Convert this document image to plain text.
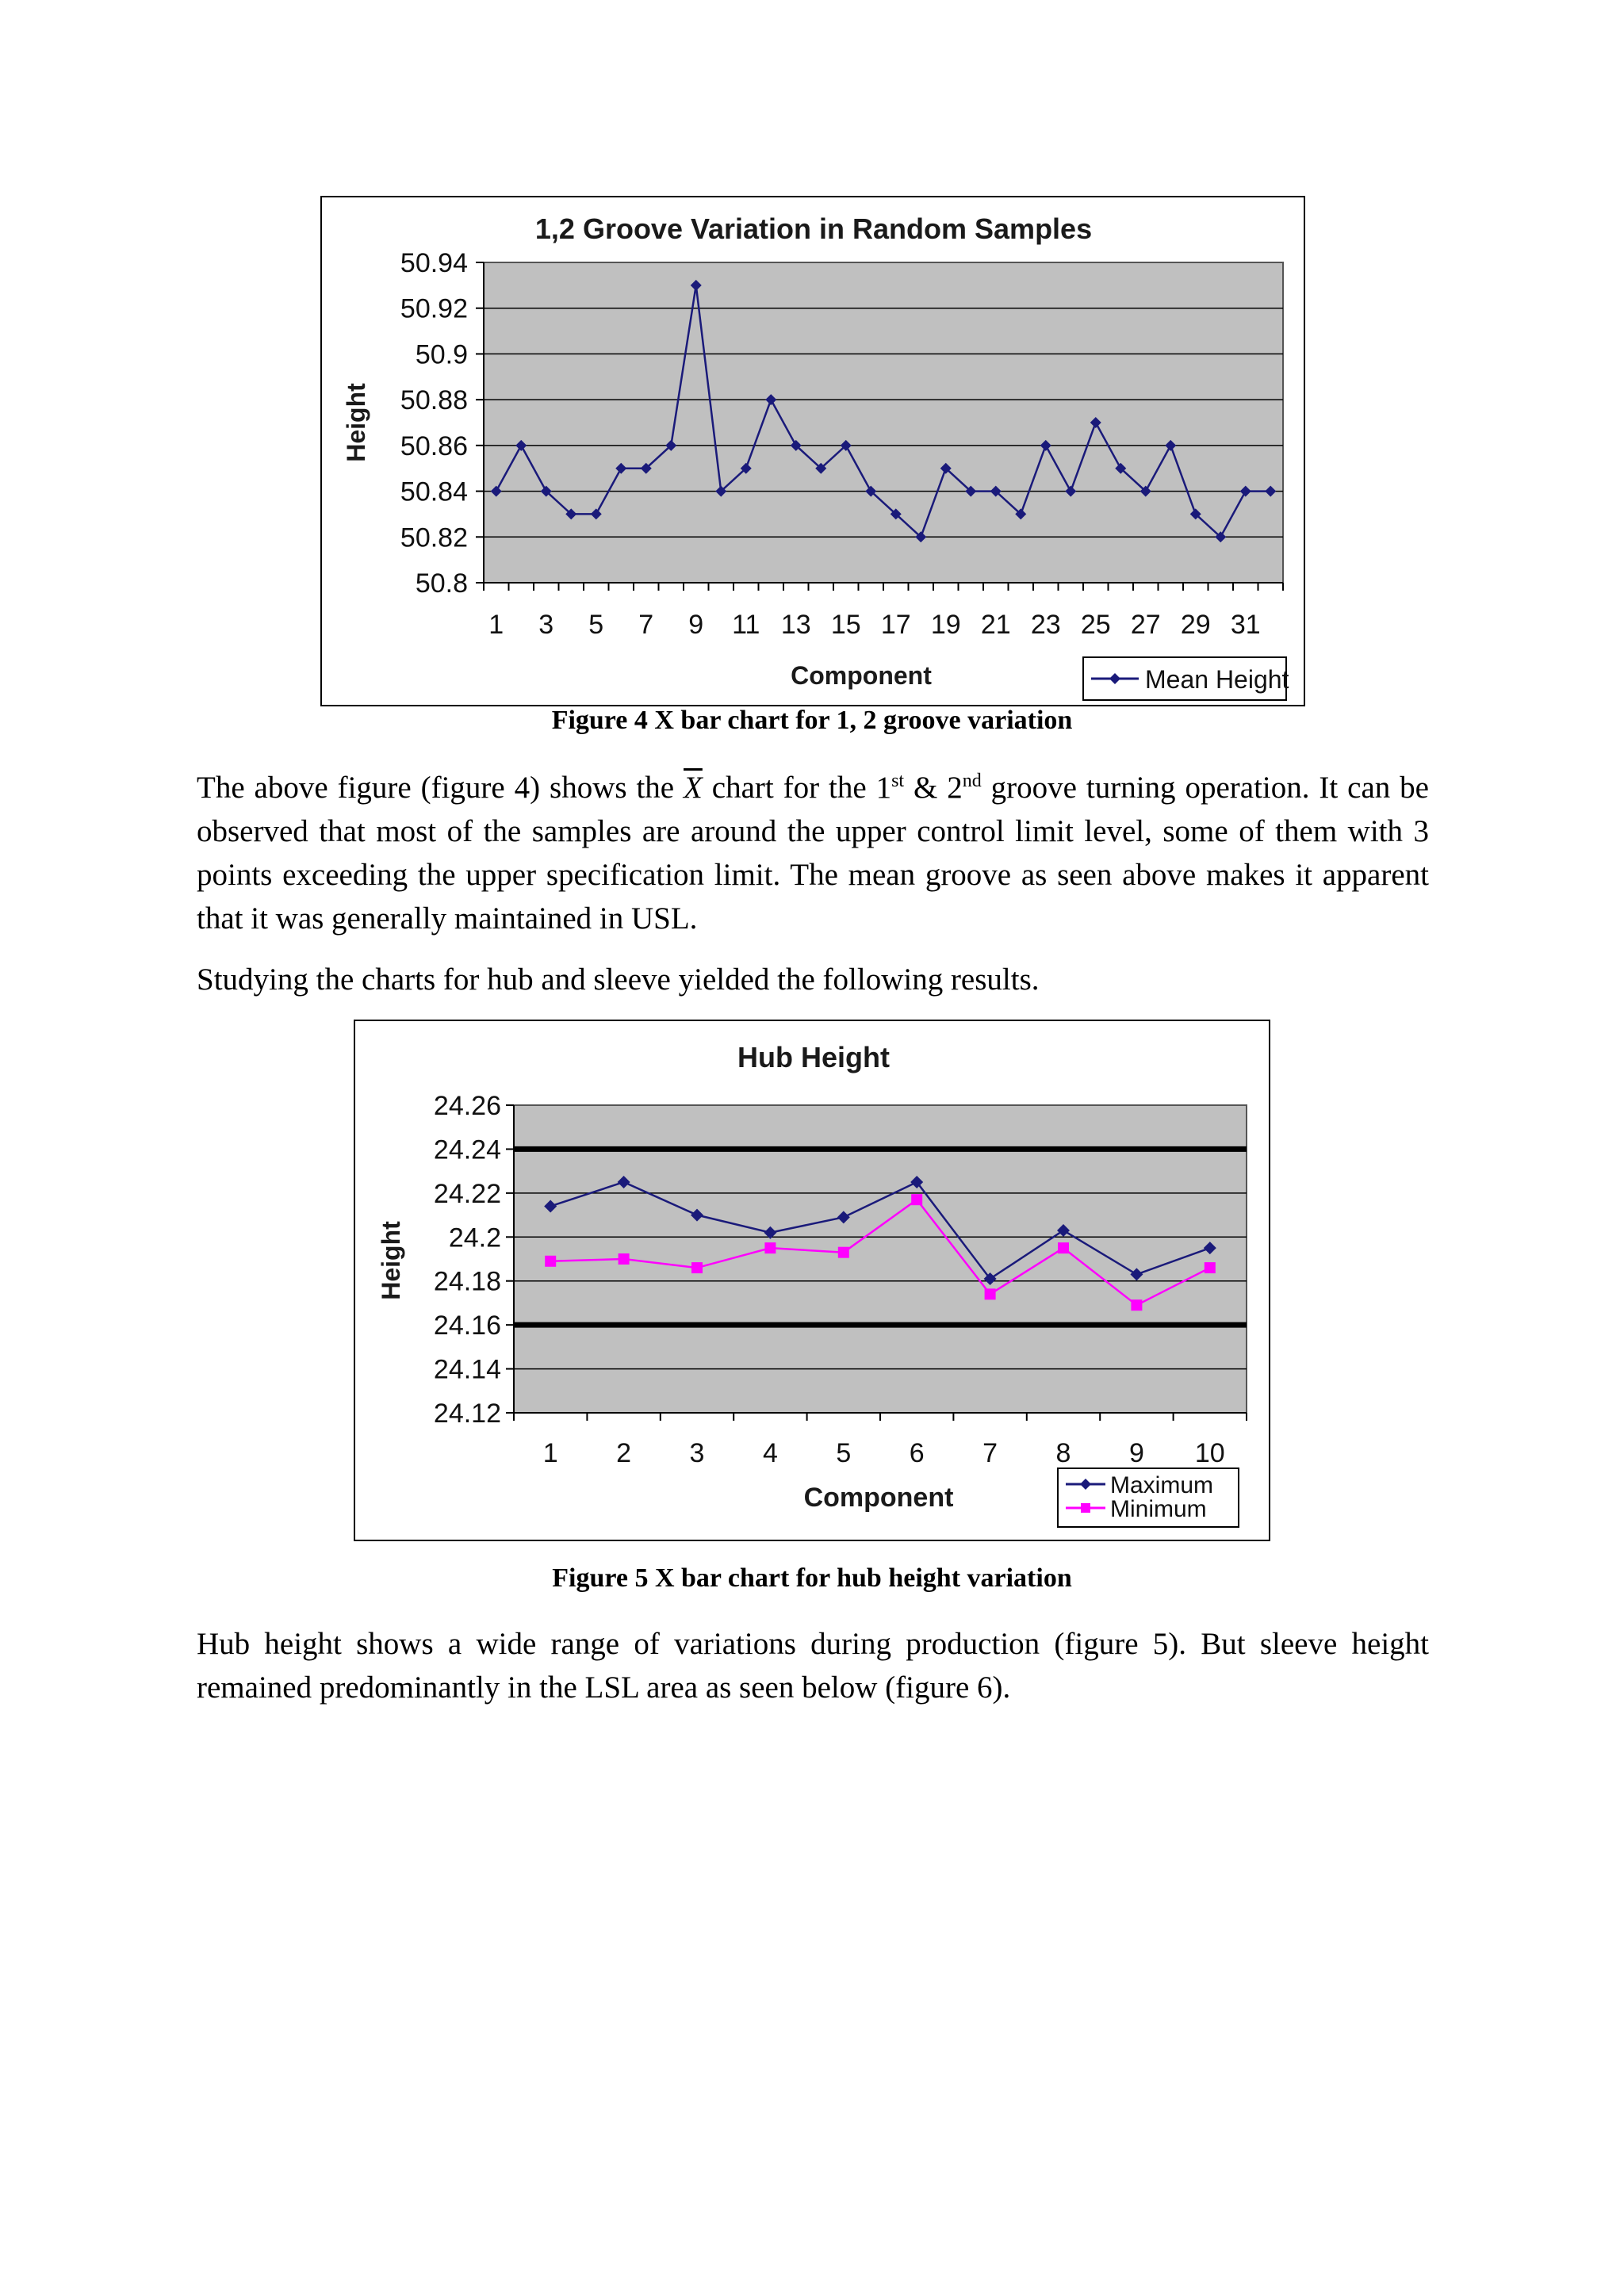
1,2 Groove Variation in Random Samples
50.94
50.92
50.9
50.88
50.86
50.84
50.82
50.8
1 3 5 7 9 11 13 15 17 19 21 23 25 27 29 31
Height
Component	Mean Height

Figure 4 X bar chart for 1, 2 groove variation

The above figure (figure 4) shows the $\overline{X}$ chart for the 1st & 2nd groove turning operation. It can be observed that most of the samples are around the upper control limit level, some of them with 3 points exceeding the upper specification limit. The mean groove as seen above makes it apparent that it was generally maintained in USL.

Studying the charts for hub and sleeve yielded the following results.

Hub Height
24.26
24.24
24.22
24.2
24.18
24.16
24.14
24.12
1 2 3 4 5 6 7 8 9 10
Height
Component	Maximum
Minimum

Figure 5 X bar chart for hub height variation

Hub height shows a wide range of variations during production (figure 5). But sleeve height remained predominantly in the LSL area as seen below (figure 6).
